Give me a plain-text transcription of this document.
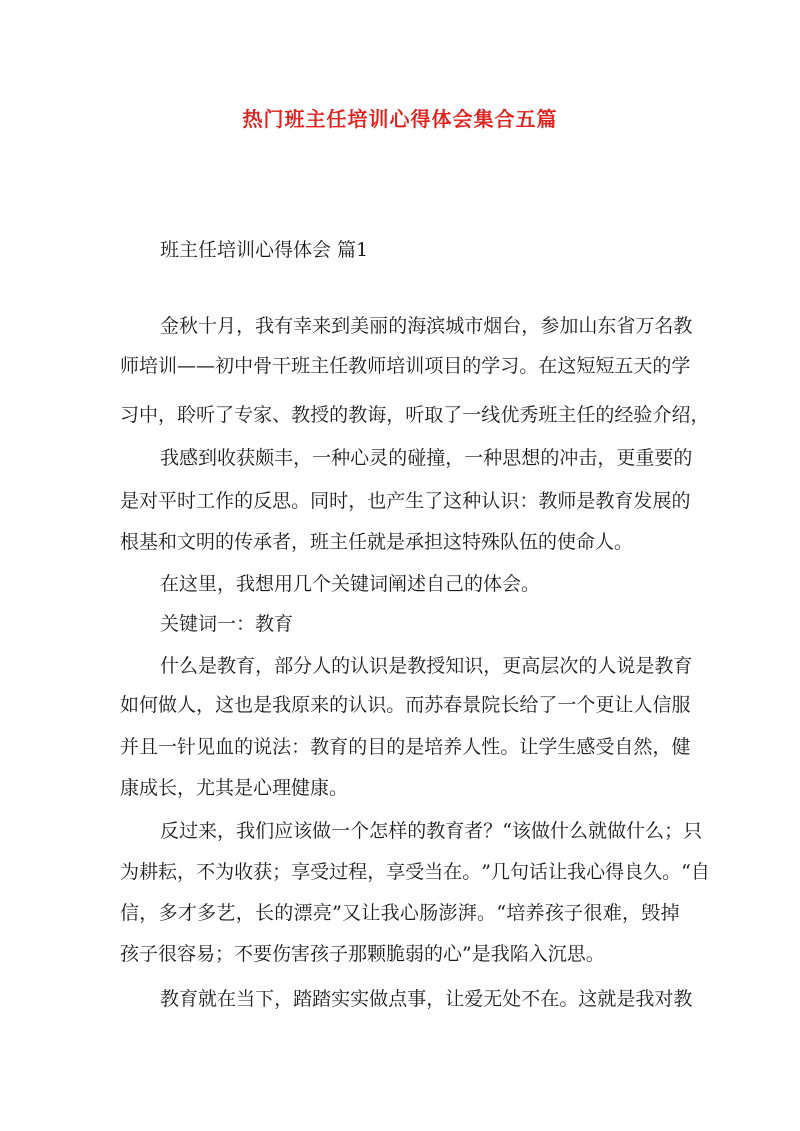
热门班主任培训心得体会集合五篇
班主任培训心得体会 篇1
金 秋 十 月 ， 我 有 幸 来 到 美 丽 的 海 滨 城 市 烟 台 ， 参 加 山 东 省 万 名 教
师 培 训 — — 初 中 骨 干 班 主 任 教 师 培 训 项 目 的 学 习 。 在 这 短 短 五 天 的 学
习 中 ， 聆 听 了 专 家 、 教 授 的 教 诲 ， 听 取 了 一 线 优 秀 班 主 任 的 经 验 介 绍 ，
我 感 到 收 获 颇 丰 ， 一 种 心 灵 的 碰 撞 ， 一 种 思 想 的 冲 击 ， 更 重 要 的
是 对 平 时 工 作 的 反 思 。 同 时 ， 也 产 生 了 这 种 认 识 ： 教 师 是 教 育 发 展 的
根基和文明的传承者，班主任就是承担这特殊队伍的使命人。
在这里，我想用几个关键词阐述自己的体会。
关键词一：教育
什 么 是 教 育 ， 部 分 人 的 认 识 是 教 授 知 识 ， 更 高 层 次 的 人 说 是 教 育
如 何 做 人 ， 这 也 是 我 原 来 的 认 识 。 而 苏 春 景 院 长 给 了 一 个 更 让 人 信 服
并 且 一 针 见 血 的 说 法 ： 教 育 的 目 的 是 培 养 人 性 。 让 学 生 感 受 自 然 ， 健
康成长，尤其是心理健康。
反 过 来 ， 我 们 应 该 做 一 个 怎 样 的 教 育 者 ？ “ 该 做 什 么 就 做 什 么 ； 只
为 耕 耘 ， 不 为 收 获 ； 享 受 过 程 ， 享 受 当 在 。 ” 几 句 话 让 我 心 得 良 久 。 “ 自
信 ， 多 才 多 艺 ， 长 的 漂 亮 ” 又 让 我 心 肠 澎 湃 。 “ 培 养 孩 子 很 难 ， 毁 掉
孩子很容易；不要伤害孩子那颗脆弱的心”是我陷入沉思。
教 育 就 在 当 下 ， 踏 踏 实 实 做 点 事 ， 让 爱 无 处 不 在 。 这 就 是 我 对 教
